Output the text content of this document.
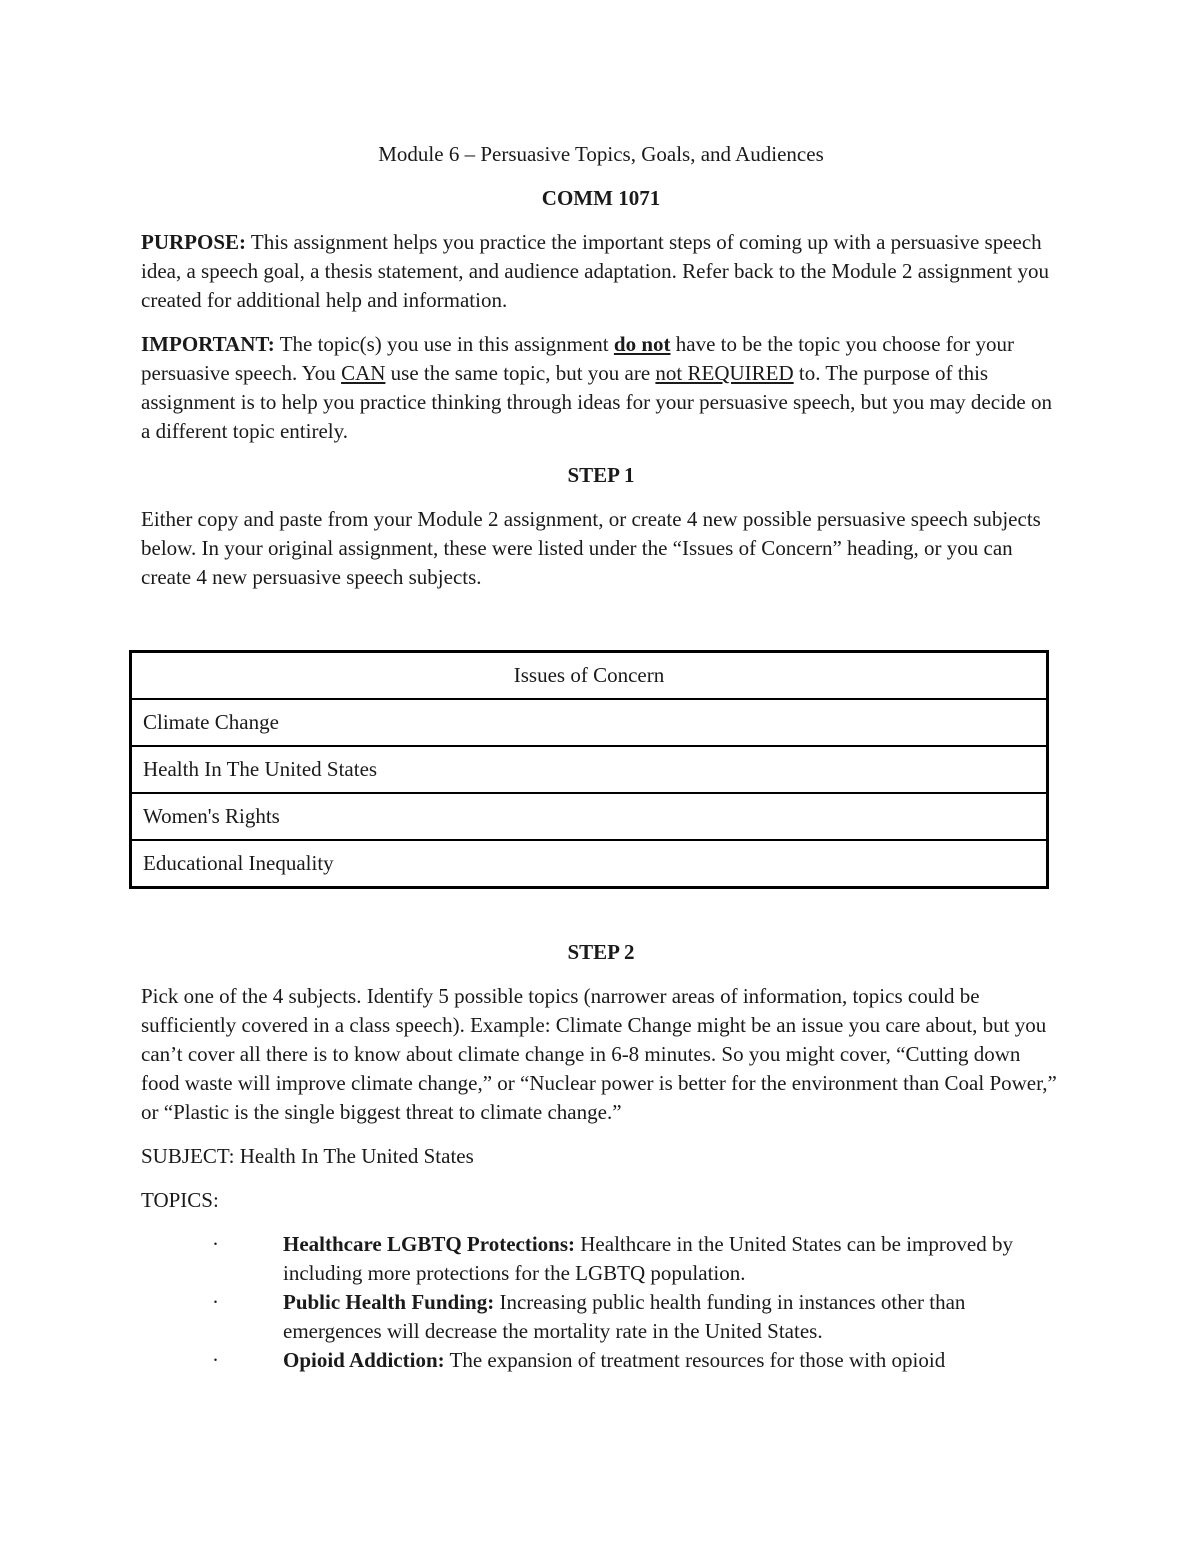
Module 6 – Persuasive Topics, Goals, and Audiences

COMM 1071

PURPOSE: This assignment helps you practice the important steps of coming up with a persuasive speech idea, a speech goal, a thesis statement, and audience adaptation. Refer back to the Module 2 assignment you created for additional help and information.

IMPORTANT: The topic(s) you use in this assignment do not have to be the topic you choose for your persuasive speech. You CAN use the same topic, but you are not REQUIRED to. The purpose of this assignment is to help you practice thinking through ideas for your persuasive speech, but you may decide on a different topic entirely.

STEP 1

Either copy and paste from your Module 2 assignment, or create 4 new possible persuasive speech subjects below. In your original assignment, these were listed under the “Issues of Concern” heading, or you can create 4 new persuasive speech subjects.

Issues of Concern
Climate Change
Health In The United States
Women's Rights
Educational Inequality

STEP 2

Pick one of the 4 subjects. Identify 5 possible topics (narrower areas of information, topics could be sufficiently covered in a class speech). Example: Climate Change might be an issue you care about, but you can’t cover all there is to know about climate change in 6-8 minutes. So you might cover, “Cutting down food waste will improve climate change,” or “Nuclear power is better for the environment than Coal Power,” or “Plastic is the single biggest threat to climate change.”

SUBJECT: Health In The United States

TOPICS:

·	Healthcare LGBTQ Protections: Healthcare in the United States can be improved by including more protections for the LGBTQ population.
·	Public Health Funding: Increasing public health funding in instances other than emergences will decrease the mortality rate in the United States.
·	Opioid Addiction: The expansion of treatment resources for those with opioid
